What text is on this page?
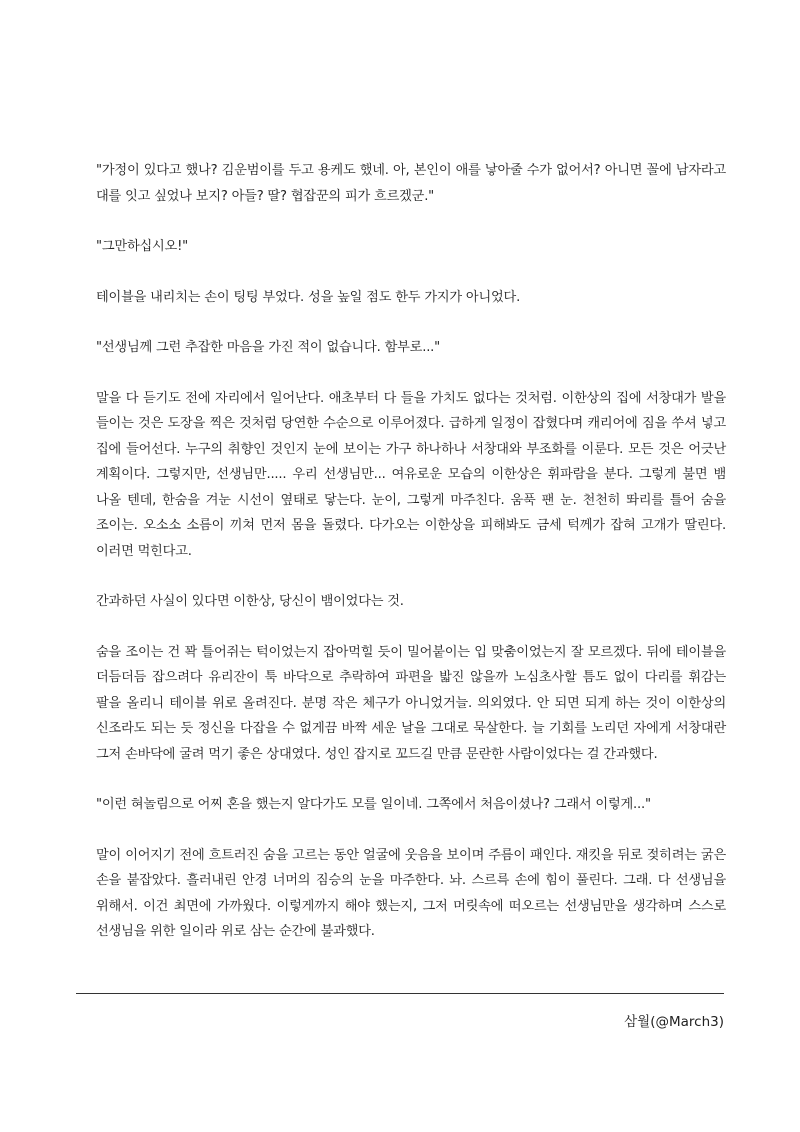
"가정이 있다고 했나? 김운범이를 두고 용케도 했네. 아, 본인이 애를 낳아줄 수가 없어서? 아니면 꼴에 남자라고 대를 잇고 싶었나 보지? 아들? 딸? 협잡꾼의 피가 흐르겠군."

"그만하십시오!"

테이블을 내리치는 손이 팅팅 부었다. 성을 높일 점도 한두 가지가 아니었다.

"선생님께 그런 추잡한 마음을 가진 적이 없습니다. 함부로..."

말을 다 듣기도 전에 자리에서 일어난다. 애초부터 다 들을 가치도 없다는 것처럼. 이한상의 집에 서창대가 발을 들이는 것은 도장을 찍은 것처럼 당연한 수순으로 이루어졌다. 급하게 일정이 잡혔다며 캐리어에 짐을 쑤셔 넣고 집에 들어선다. 누구의 취향인 것인지 눈에 보이는 가구 하나하나 서창대와 부조화를 이룬다. 모든 것은 어긋난 계획이다. 그렇지만, 선생님만..... 우리 선생님만... 여유로운 모습의 이한상은 휘파람을 분다. 그렇게 불면 뱀 나올 텐데, 한숨을 겨눈 시선이 옆태로 닿는다. 눈이, 그렇게 마주친다. 움푹 팬 눈. 천천히 똬리를 틀어 숨을 조이는. 오소소 소름이 끼쳐 먼저 몸을 돌렸다. 다가오는 이한상을 피해봐도 금세 턱께가 잡혀 고개가 딸린다. 이러면 먹힌다고.

간과하던 사실이 있다면 이한상, 당신이 뱀이었다는 것.

숨을 조이는 건 꽉 틀어쥐는 턱이었는지 잡아먹힐 듯이 밀어붙이는 입 맞춤이었는지 잘 모르겠다. 뒤에 테이블을 더듬더듬 잡으려다 유리잔이 툭 바닥으로 추락하여 파편을 밟진 않을까 노심초사할 틈도 없이 다리를 휘감는 팔을 올리니 테이블 위로 올려진다. 분명 작은 체구가 아니었거늘. 의외였다. 안 되면 되게 하는 것이 이한상의 신조라도 되는 듯 정신을 다잡을 수 없게끔 바짝 세운 날을 그대로 묵살한다. 늘 기회를 노리던 자에게 서창대란 그저 손바닥에 굴려 먹기 좋은 상대였다. 성인 잡지로 꼬드길 만큼 문란한 사람이었다는 걸 간과했다.

"이런 혀놀림으로 어찌 혼을 했는지 알다가도 모를 일이네. 그쪽에서 처음이셨나? 그래서 이렇게..."

말이 이어지기 전에 흐트러진 숨을 고르는 동안 얼굴에 웃음을 보이며 주름이 패인다. 재킷을 뒤로 젖히려는 굵은 손을 붙잡았다. 흘러내린 안경 너머의 짐승의 눈을 마주한다. 놔. 스르륵 손에 힘이 풀린다. 그래. 다 선생님을 위해서. 이건 최면에 가까웠다. 이렇게까지 해야 했는지, 그저 머릿속에 떠오르는 선생님만을 생각하며 스스로 선생님을 위한 일이라 위로 삼는 순간에 불과했다.

삼월(@March3)
